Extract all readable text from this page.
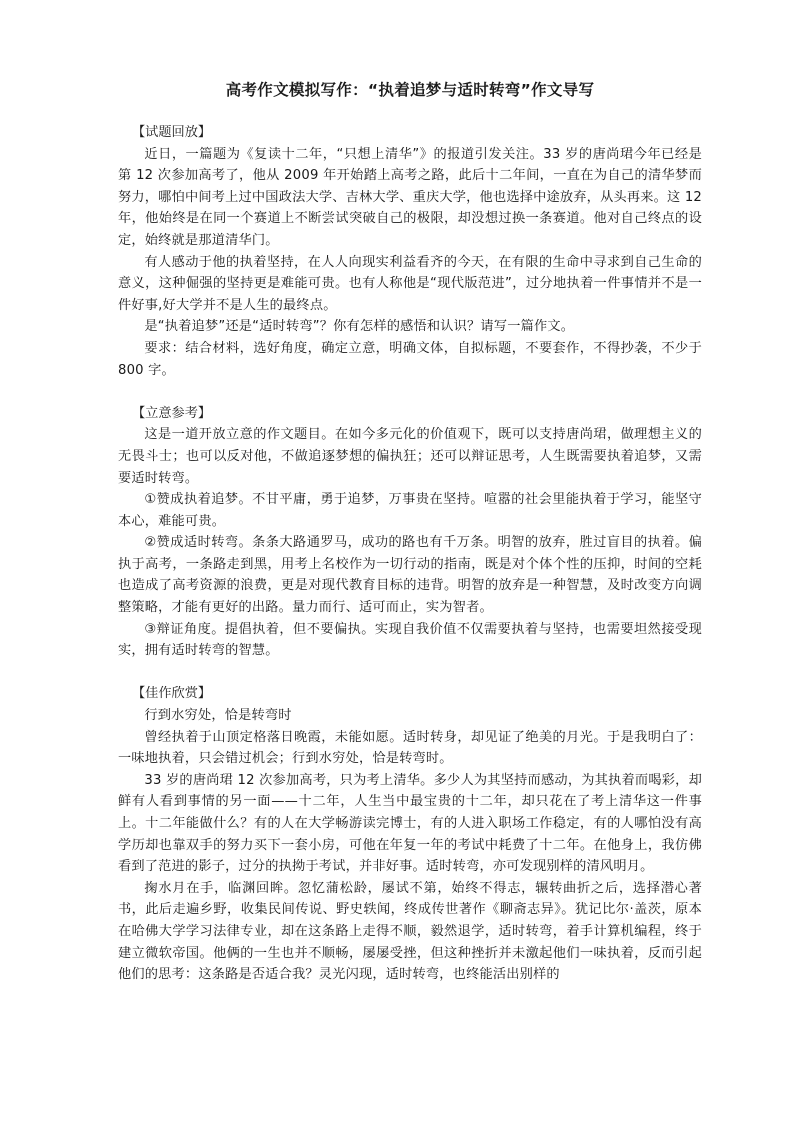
高考作文模拟写作：“执着追梦与适时转弯”作文导写

【试题回放】

近日，一篇题为《复读十二年，“只想上清华”》的报道引发关注。33 岁的唐尚珺今年已经是第 12 次参加高考了，他从 2009 年开始踏上高考之路，此后十二年间，一直在为自己的清华梦而努力，哪怕中间考上过中国政法大学、吉林大学、重庆大学，他也选择中途放弃，从头再来。这 12 年，他始终是在同一个赛道上不断尝试突破自己的极限，却没想过换一条赛道。他对自己终点的设定，始终就是那道清华门。

有人感动于他的执着坚持，在人人向现实利益看齐的今天，在有限的生命中寻求到自己生命的意义，这种倔强的坚持更是难能可贵。也有人称他是“现代版范进”，过分地执着一件事情并不是一件好事,好大学并不是人生的最终点。

是“执着追梦”还是“适时转弯”？你有怎样的感悟和认识？请写一篇作文。

要求：结合材料，选好角度，确定立意，明确文体，自拟标题，不要套作，不得抄袭，不少于 800 字。

【立意参考】

这是一道开放立意的作文题目。在如今多元化的价值观下，既可以支持唐尚珺，做理想主义的无畏斗士；也可以反对他，不做追逐梦想的偏执狂；还可以辩证思考，人生既需要执着追梦，又需要适时转弯。

①赞成执着追梦。不甘平庸，勇于追梦，万事贵在坚持。喧嚣的社会里能执着于学习，能坚守本心，难能可贵。

②赞成适时转弯。条条大路通罗马，成功的路也有千万条。明智的放弃，胜过盲目的执着。偏执于高考，一条路走到黑，用考上名校作为一切行动的指南，既是对个体个性的压抑，时间的空耗也造成了高考资源的浪费，更是对现代教育目标的违背。明智的放弃是一种智慧，及时改变方向调整策略，才能有更好的出路。量力而行、适可而止，实为智者。

③辩证角度。提倡执着，但不要偏执。实现自我价值不仅需要执着与坚持，也需要坦然接受现实，拥有适时转弯的智慧。

【佳作欣赏】

行到水穷处，恰是转弯时

曾经执着于山顶定格落日晚霞，未能如愿。适时转身，却见证了绝美的月光。于是我明白了：一味地执着，只会错过机会；行到水穷处，恰是转弯时。

33 岁的唐尚珺 12 次参加高考，只为考上清华。多少人为其坚持而感动，为其执着而喝彩，却鲜有人看到事情的另一面——十二年，人生当中最宝贵的十二年，却只花在了考上清华这一件事上。十二年能做什么？有的人在大学畅游读完博士，有的人进入职场工作稳定，有的人哪怕没有高学历却也靠双手的努力买下一套小房，可他在年复一年的考试中耗费了十二年。在他身上，我仿佛看到了范进的影子，过分的执拗于考试，并非好事。适时转弯，亦可发现别样的清风明月。

掬水月在手，临渊回眸。忽忆蒲松龄，屡试不第，始终不得志，辗转曲折之后，选择潜心著书，此后走遍乡野，收集民间传说、野史轶闻，终成传世著作《聊斋志异》。犹记比尔·盖茨，原本在哈佛大学学习法律专业，却在这条路上走得不顺，毅然退学，适时转弯，着手计算机编程，终于建立微软帝国。他俩的一生也并不顺畅，屡屡受挫，但这种挫折并未激起他们一味执着，反而引起他们的思考：这条路是否适合我？灵光闪现，适时转弯，也终能活出别样的
